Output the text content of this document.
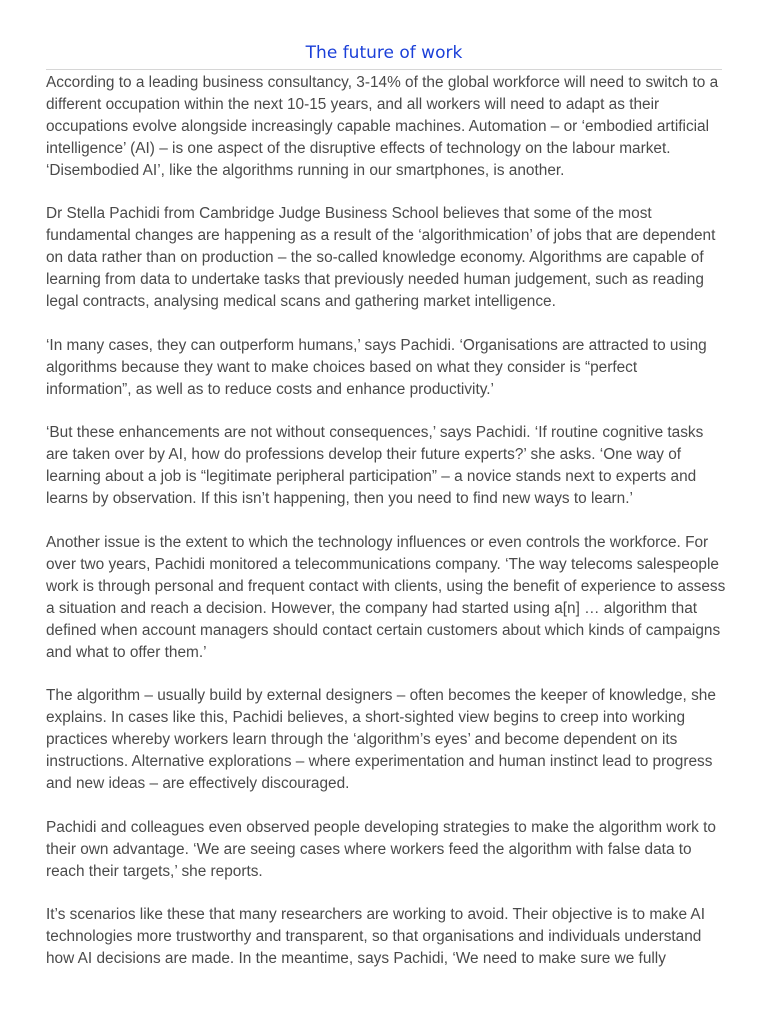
The future of work

According to a leading business consultancy, 3-14% of the global workforce will need to switch to a different occupation within the next 10-15 years, and all workers will need to adapt as their occupations evolve alongside increasingly capable machines. Automation – or ‘embodied artificial intelligence’ (AI) – is one aspect of the disruptive effects of technology on the labour market. ‘Disembodied AI’, like the algorithms running in our smartphones, is another.

Dr Stella Pachidi from Cambridge Judge Business School believes that some of the most fundamental changes are happening as a result of the ‘algorithmication’ of jobs that are dependent on data rather than on production – the so-called knowledge economy. Algorithms are capable of learning from data to undertake tasks that previously needed human judgement, such as reading legal contracts, analysing medical scans and gathering market intelligence.

‘In many cases, they can outperform humans,’ says Pachidi. ‘Organisations are attracted to using algorithms because they want to make choices based on what they consider is “perfect information”, as well as to reduce costs and enhance productivity.’

‘But these enhancements are not without consequences,’ says Pachidi. ‘If routine cognitive tasks are taken over by AI, how do professions develop their future experts?’ she asks. ‘One way of learning about a job is “legitimate peripheral participation” – a novice stands next to experts and learns by observation. If this isn’t happening, then you need to find new ways to learn.’

Another issue is the extent to which the technology influences or even controls the workforce. For over two years, Pachidi monitored a telecommunications company. ‘The way telecoms salespeople work is through personal and frequent contact with clients, using the benefit of experience to assess a situation and reach a decision. However, the company had started using a[n] … algorithm that defined when account managers should contact certain customers about which kinds of campaigns and what to offer them.’

The algorithm – usually build by external designers – often becomes the keeper of knowledge, she explains. In cases like this, Pachidi believes, a short-sighted view begins to creep into working practices whereby workers learn through the ‘algorithm’s eyes’ and become dependent on its instructions. Alternative explorations – where experimentation and human instinct lead to progress and new ideas – are effectively discouraged.

Pachidi and colleagues even observed people developing strategies to make the algorithm work to their own advantage. ‘We are seeing cases where workers feed the algorithm with false data to reach their targets,’ she reports.

It’s scenarios like these that many researchers are working to avoid. Their objective is to make AI technologies more trustworthy and transparent, so that organisations and individuals understand how AI decisions are made. In the meantime, says Pachidi, ‘We need to make sure we fully
